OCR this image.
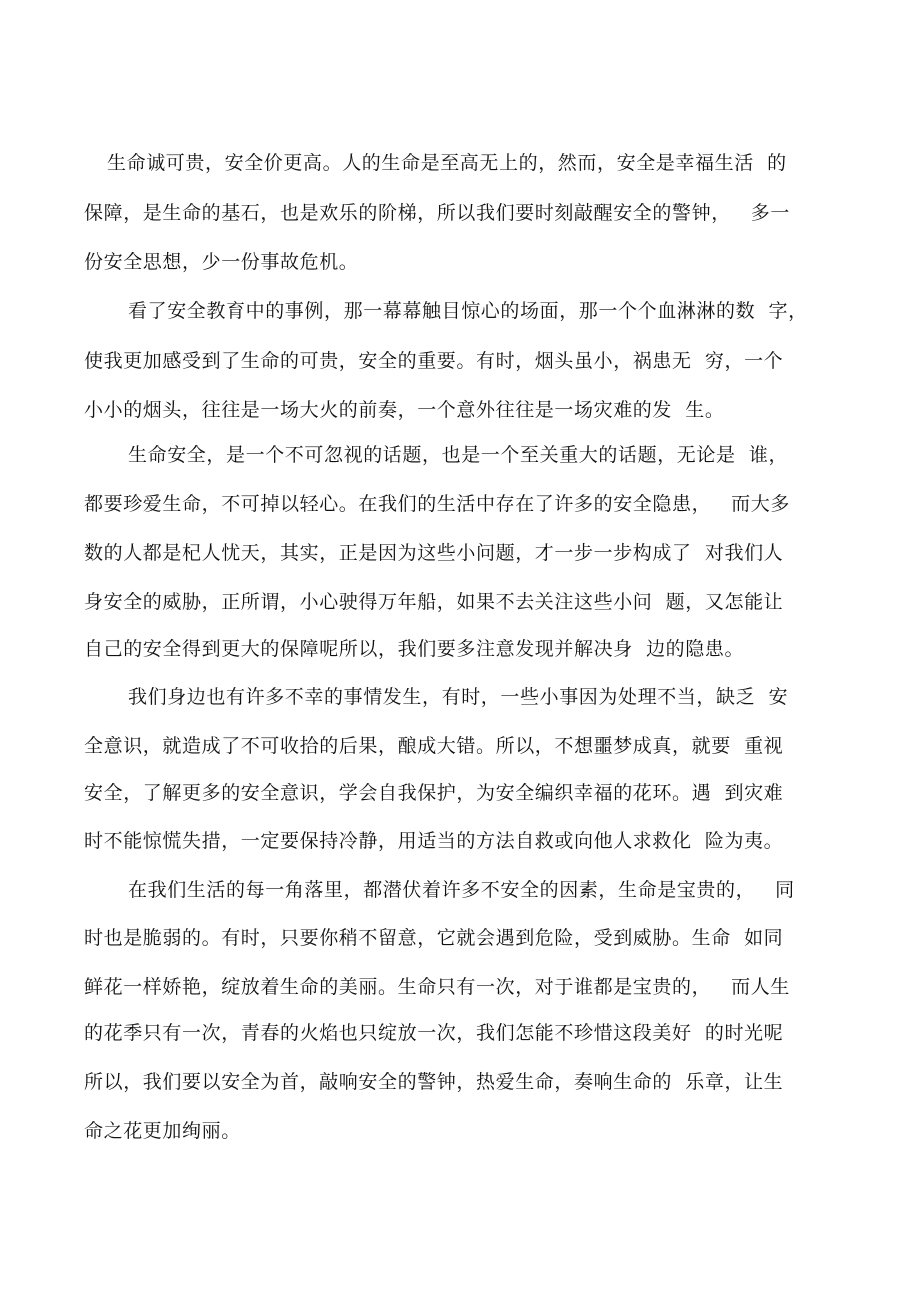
生命诚可贵，安全价更高。人的生命是至高无上的，然而，安全是幸福生活  的
保障，是生命的基石，也是欢乐的阶梯，所以我们要时刻敲醒安全的警钟，   多一
份安全思想，少一份事故危机。
看了安全教育中的事例，那一幕幕触目惊心的场面，那一个个血淋淋的数  字，
使我更加感受到了生命的可贵，安全的重要。有时，烟头虽小，祸患无  穷，一个
小小的烟头，往往是一场大火的前奏，一个意外往往是一场灾难的发  生。
生命安全，是一个不可忽视的话题，也是一个至关重大的话题，无论是  谁，
都要珍爱生命，不可掉以轻心。在我们的生活中存在了许多的安全隐患，   而大多
数的人都是杞人忧天，其实，正是因为这些小问题，才一步一步构成了  对我们人
身安全的威胁，正所谓，小心驶得万年船，如果不去关注这些小问  题，又怎能让
自己的安全得到更大的保障呢所以，我们要多注意发现并解决身  边的隐患。
我们身边也有许多不幸的事情发生，有时，一些小事因为处理不当，缺乏  安
全意识，就造成了不可收拾的后果，酿成大错。所以，不想噩梦成真，就要  重视
安全，了解更多的安全意识，学会自我保护，为安全编织幸福的花环。遇  到灾难
时不能惊慌失措，一定要保持冷静，用适当的方法自救或向他人求救化  险为夷。
在我们生活的每一角落里，都潜伏着许多不安全的因素，生命是宝贵的，   同
时也是脆弱的。有时，只要你稍不留意，它就会遇到危险，受到威胁。生命  如同
鲜花一样娇艳，绽放着生命的美丽。生命只有一次，对于谁都是宝贵的，   而人生
的花季只有一次，青春的火焰也只绽放一次，我们怎能不珍惜这段美好  的时光呢
所以，我们要以安全为首，敲响安全的警钟，热爱生命，奏响生命的  乐章，让生
命之花更加绚丽。
